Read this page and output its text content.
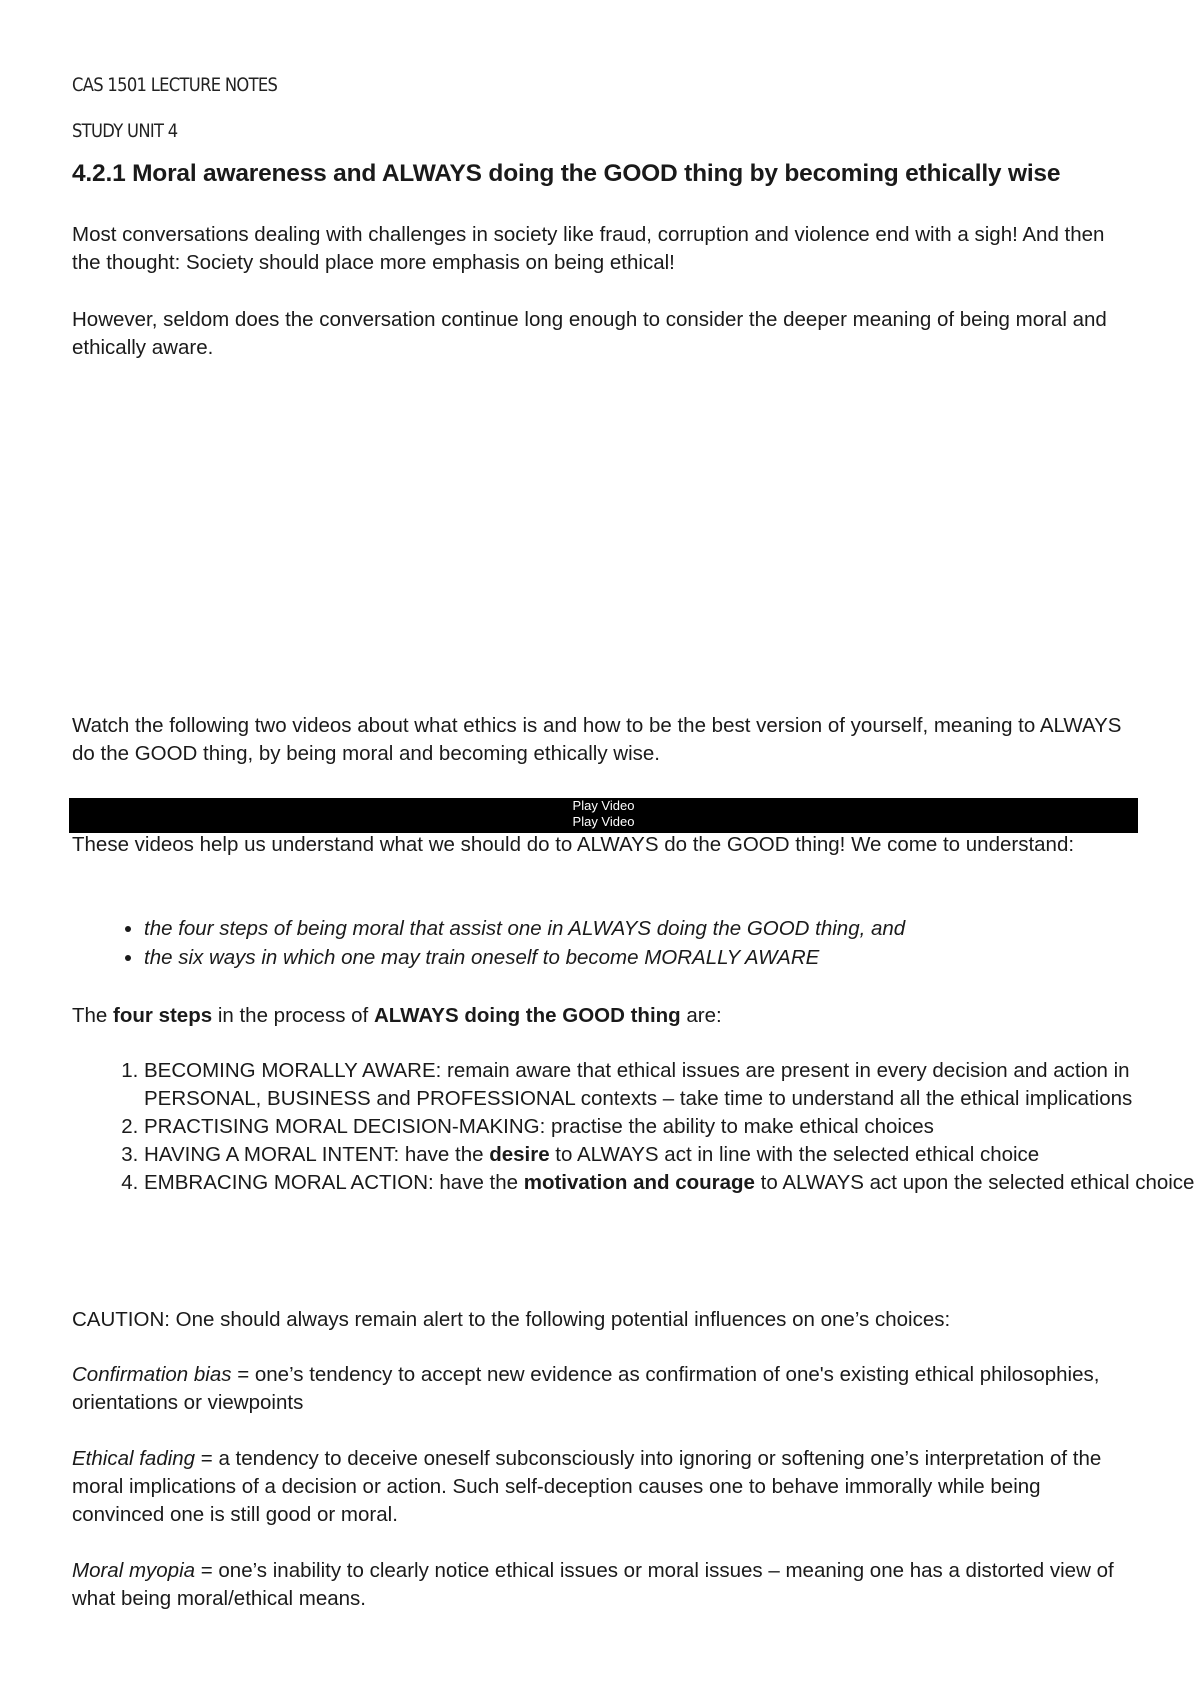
CAS 1501 LECTURE NOTES
STUDY UNIT 4
4.2.1 Moral awareness and ALWAYS doing the GOOD thing by becoming ethically wise

Most conversations dealing with challenges in society like fraud, corruption and violence end with a sigh! And then the thought: Society should place more emphasis on being ethical!

However, seldom does the conversation continue long enough to consider the deeper meaning of being moral and ethically aware.

Watch the following two videos about what ethics is and how to be the best version of yourself, meaning to ALWAYS do the GOOD thing, by being moral and becoming ethically wise.

These videos help us understand what we should do to ALWAYS do the GOOD thing! We come to understand:

• the four steps of being moral that assist one in ALWAYS doing the GOOD thing, and
• the six ways in which one may train oneself to become MORALLY AWARE

The four steps in the process of ALWAYS doing the GOOD thing are:

1. BECOMING MORALLY AWARE: remain aware that ethical issues are present in every decision and action in PERSONAL, BUSINESS and PROFESSIONAL contexts – take time to understand all the ethical implications
2. PRACTISING MORAL DECISION-MAKING: practise the ability to make ethical choices
3. HAVING A MORAL INTENT: have the desire to ALWAYS act in line with the selected ethical choice
4. EMBRACING MORAL ACTION: have the motivation and courage to ALWAYS act upon the selected ethical choice

CAUTION: One should always remain alert to the following potential influences on one’s choices:

Confirmation bias = one’s tendency to accept new evidence as confirmation of one's existing ethical philosophies, orientations or viewpoints

Ethical fading = a tendency to deceive oneself subconsciously into ignoring or softening one’s interpretation of the moral implications of a decision or action. Such self-deception causes one to behave immorally while being convinced one is still good or moral.

Moral myopia = one’s inability to clearly notice ethical issues or moral issues – meaning one has a distorted view of what being moral/ethical means.

Play Video
Play Video
